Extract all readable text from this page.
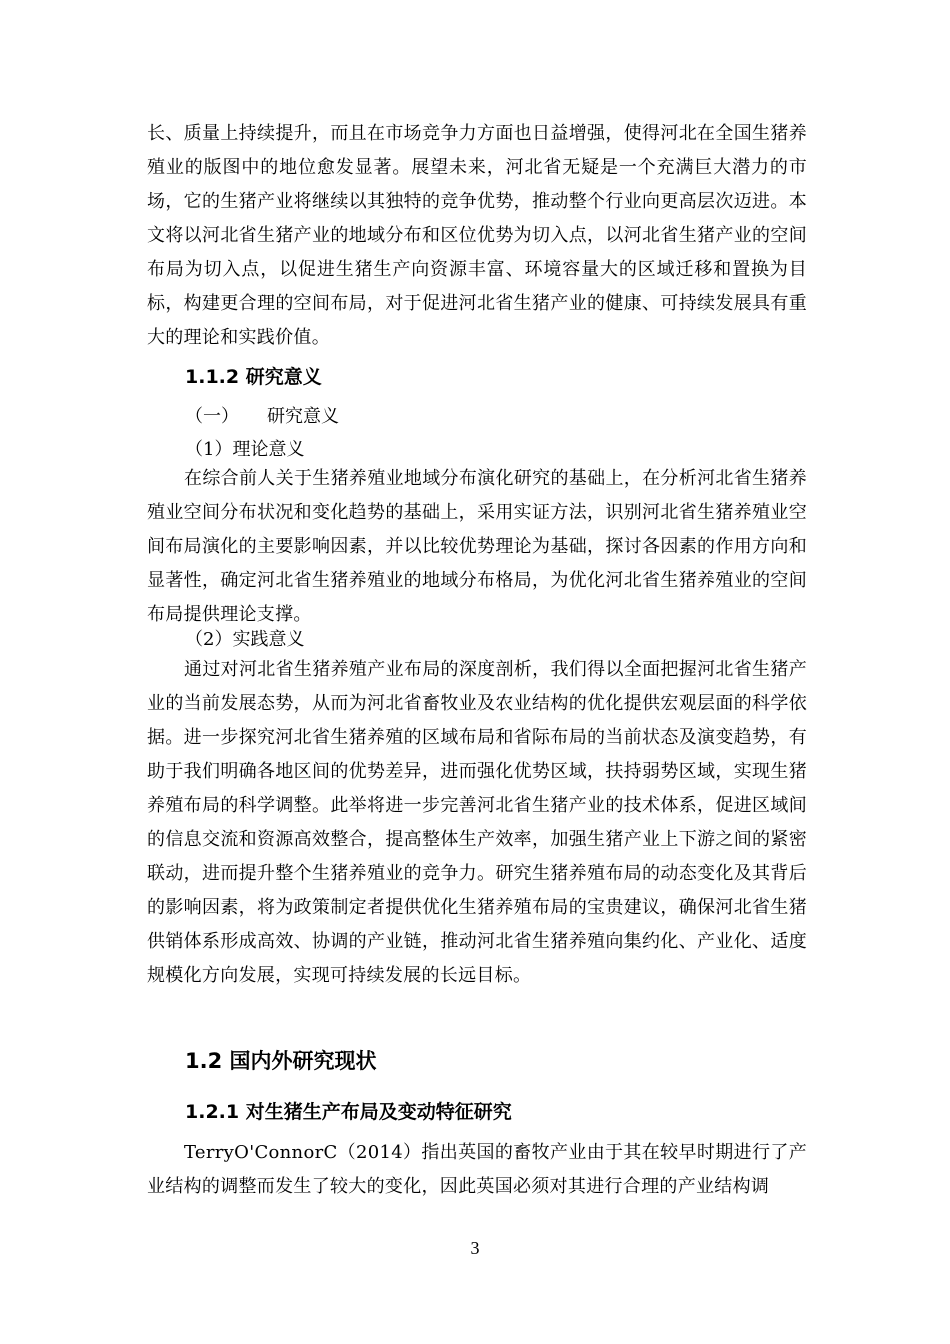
长、质量上持续提升，而且在市场竞争力方面也日益增强，使得河北在全国生猪养殖业的版图中的地位愈发显著。展望未来，河北省无疑是一个充满巨大潜力的市场，它的生猪产业将继续以其独特的竞争优势，推动整个行业向更高层次迈进。本文将以河北省生猪产业的地域分布和区位优势为切入点，以河北省生猪产业的空间布局为切入点，以促进生猪生产向资源丰富、环境容量大的区域迁移和置换为目标，构建更合理的空间布局，对于促进河北省生猪产业的健康、可持续发展具有重大的理论和实践价值。

1.1.2 研究意义

（一） 研究意义

（1）理论意义

在综合前人关于生猪养殖业地域分布演化研究的基础上，在分析河北省生猪养殖业空间分布状况和变化趋势的基础上，采用实证方法，识别河北省生猪养殖业空间布局演化的主要影响因素，并以比较优势理论为基础，探讨各因素的作用方向和显著性，确定河北省生猪养殖业的地域分布格局，为优化河北省生猪养殖业的空间布局提供理论支撑。

（2）实践意义

通过对河北省生猪养殖产业布局的深度剖析，我们得以全面把握河北省生猪产业的当前发展态势，从而为河北省畜牧业及农业结构的优化提供宏观层面的科学依据。进一步探究河北省生猪养殖的区域布局和省际布局的当前状态及演变趋势，有助于我们明确各地区间的优势差异，进而强化优势区域，扶持弱势区域，实现生猪养殖布局的科学调整。此举将进一步完善河北省生猪产业的技术体系，促进区域间的信息交流和资源高效整合，提高整体生产效率，加强生猪产业上下游之间的紧密联动，进而提升整个生猪养殖业的竞争力。研究生猪养殖布局的动态变化及其背后的影响因素，将为政策制定者提供优化生猪养殖布局的宝贵建议，确保河北省生猪供销体系形成高效、协调的产业链，推动河北省生猪养殖向集约化、产业化、适度规模化方向发展，实现可持续发展的长远目标。

1.2 国内外研究现状
1.2.1 对生猪生产布局及变动特征研究

TerryO'ConnorC（2014）指出英国的畜牧产业由于其在较早时期进行了产业结构的调整而发生了较大的变化，因此英国必须对其进行合理的产业结构调

3
